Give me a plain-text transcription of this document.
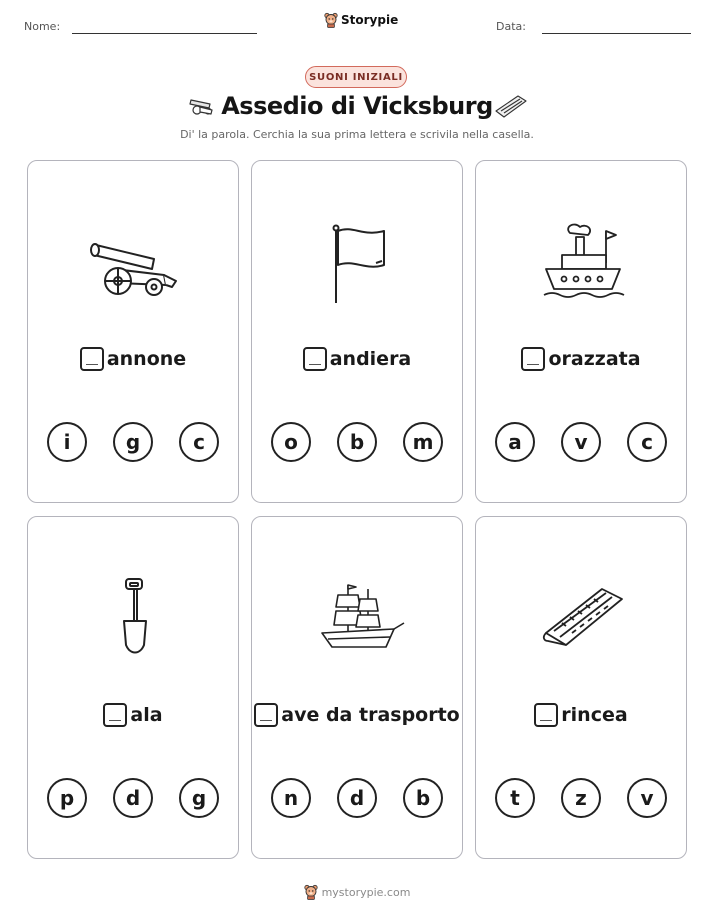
Nome:	Storypie	Data:
SUONI INIZIALI
Assedio di Vicksburg
Di' la parola. Cerchia la sua prima lettera e scrivila nella casella.
annone
i	g	c
andiera
o	b	m
orazzata
a	v	c
ala
p	d	g
ave da trasporto
n	d	b
rincea
t	z	v
mystorypie.com
